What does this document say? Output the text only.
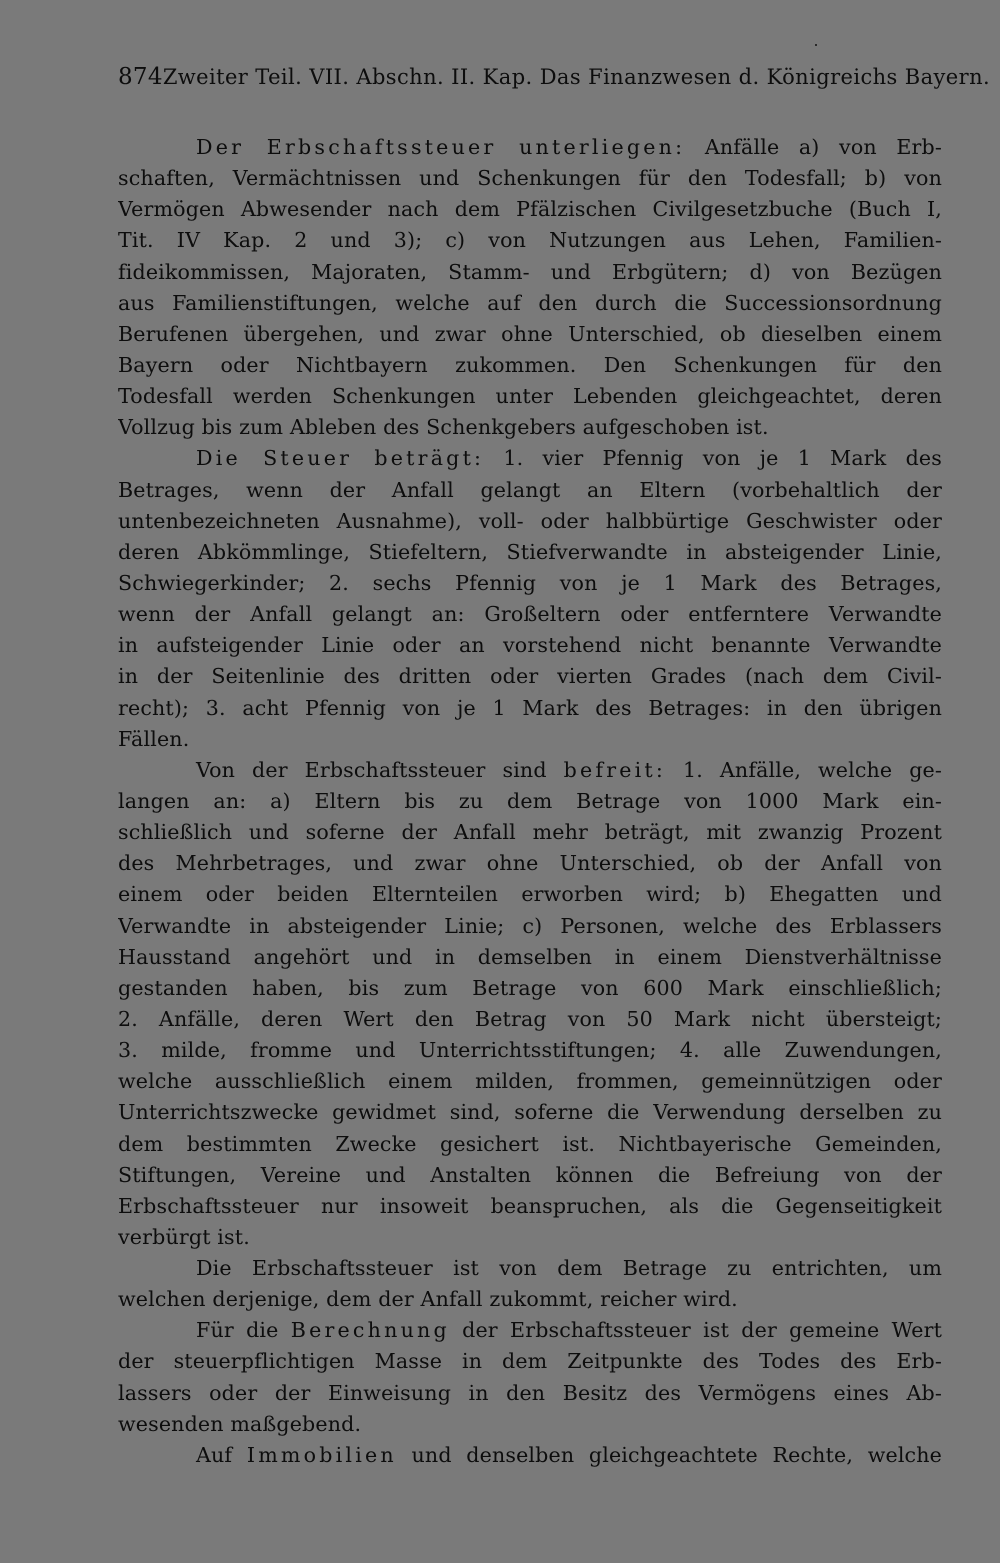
874 Zweiter Teil. VII. Abschn. II. Kap. Das Finanzwesen d. Königreichs Bayern.
Der Erbschaftssteuer unterliegen: Anfälle a) von Erb-
schaften, Vermächtnissen und Schenkungen für den Todesfall; b) von
Vermögen Abwesender nach dem Pfälzischen Civilgesetzbuche (Buch I,
Tit. IV Kap. 2 und 3); c) von Nutzungen aus Lehen, Familien-
fideikommissen, Majoraten, Stamm- und Erbgütern; d) von Bezügen
aus Familienstiftungen, welche auf den durch die Successionsordnung
Berufenen übergehen, und zwar ohne Unterschied, ob dieselben einem
Bayern oder Nichtbayern zukommen. Den Schenkungen für den
Todesfall werden Schenkungen unter Lebenden gleichgeachtet, deren
Vollzug bis zum Ableben des Schenkgebers aufgeschoben ist.
Die Steuer beträgt: 1. vier Pfennig von je 1 Mark des
Betrages, wenn der Anfall gelangt an Eltern (vorbehaltlich der
untenbezeichneten Ausnahme), voll- oder halbbürtige Geschwister oder
deren Abkömmlinge, Stiefeltern, Stiefverwandte in absteigender Linie,
Schwiegerkinder; 2. sechs Pfennig von je 1 Mark des Betrages,
wenn der Anfall gelangt an: Großeltern oder entferntere Verwandte
in aufsteigender Linie oder an vorstehend nicht benannte Verwandte
in der Seitenlinie des dritten oder vierten Grades (nach dem Civil-
recht); 3. acht Pfennig von je 1 Mark des Betrages: in den übrigen
Fällen.
Von der Erbschaftssteuer sind befreit: 1. Anfälle, welche ge-
langen an: a) Eltern bis zu dem Betrage von 1000 Mark ein-
schließlich und soferne der Anfall mehr beträgt, mit zwanzig Prozent
des Mehrbetrages, und zwar ohne Unterschied, ob der Anfall von
einem oder beiden Elternteilen erworben wird; b) Ehegatten und
Verwandte in absteigender Linie; c) Personen, welche des Erblassers
Hausstand angehört und in demselben in einem Dienstverhältnisse
gestanden haben, bis zum Betrage von 600 Mark einschließlich;
2. Anfälle, deren Wert den Betrag von 50 Mark nicht übersteigt;
3. milde, fromme und Unterrichtsstiftungen; 4. alle Zuwendungen,
welche ausschließlich einem milden, frommen, gemeinnützigen oder
Unterrichtszwecke gewidmet sind, soferne die Verwendung derselben zu
dem bestimmten Zwecke gesichert ist. Nichtbayerische Gemeinden,
Stiftungen, Vereine und Anstalten können die Befreiung von der
Erbschaftssteuer nur insoweit beanspruchen, als die Gegenseitigkeit
verbürgt ist.
Die Erbschaftssteuer ist von dem Betrage zu entrichten, um
welchen derjenige, dem der Anfall zukommt, reicher wird.
Für die Berechnung der Erbschaftssteuer ist der gemeine Wert
der steuerpflichtigen Masse in dem Zeitpunkte des Todes des Erb-
lassers oder der Einweisung in den Besitz des Vermögens eines Ab-
wesenden maßgebend.
Auf Immobilien und denselben gleichgeachtete Rechte, welche
